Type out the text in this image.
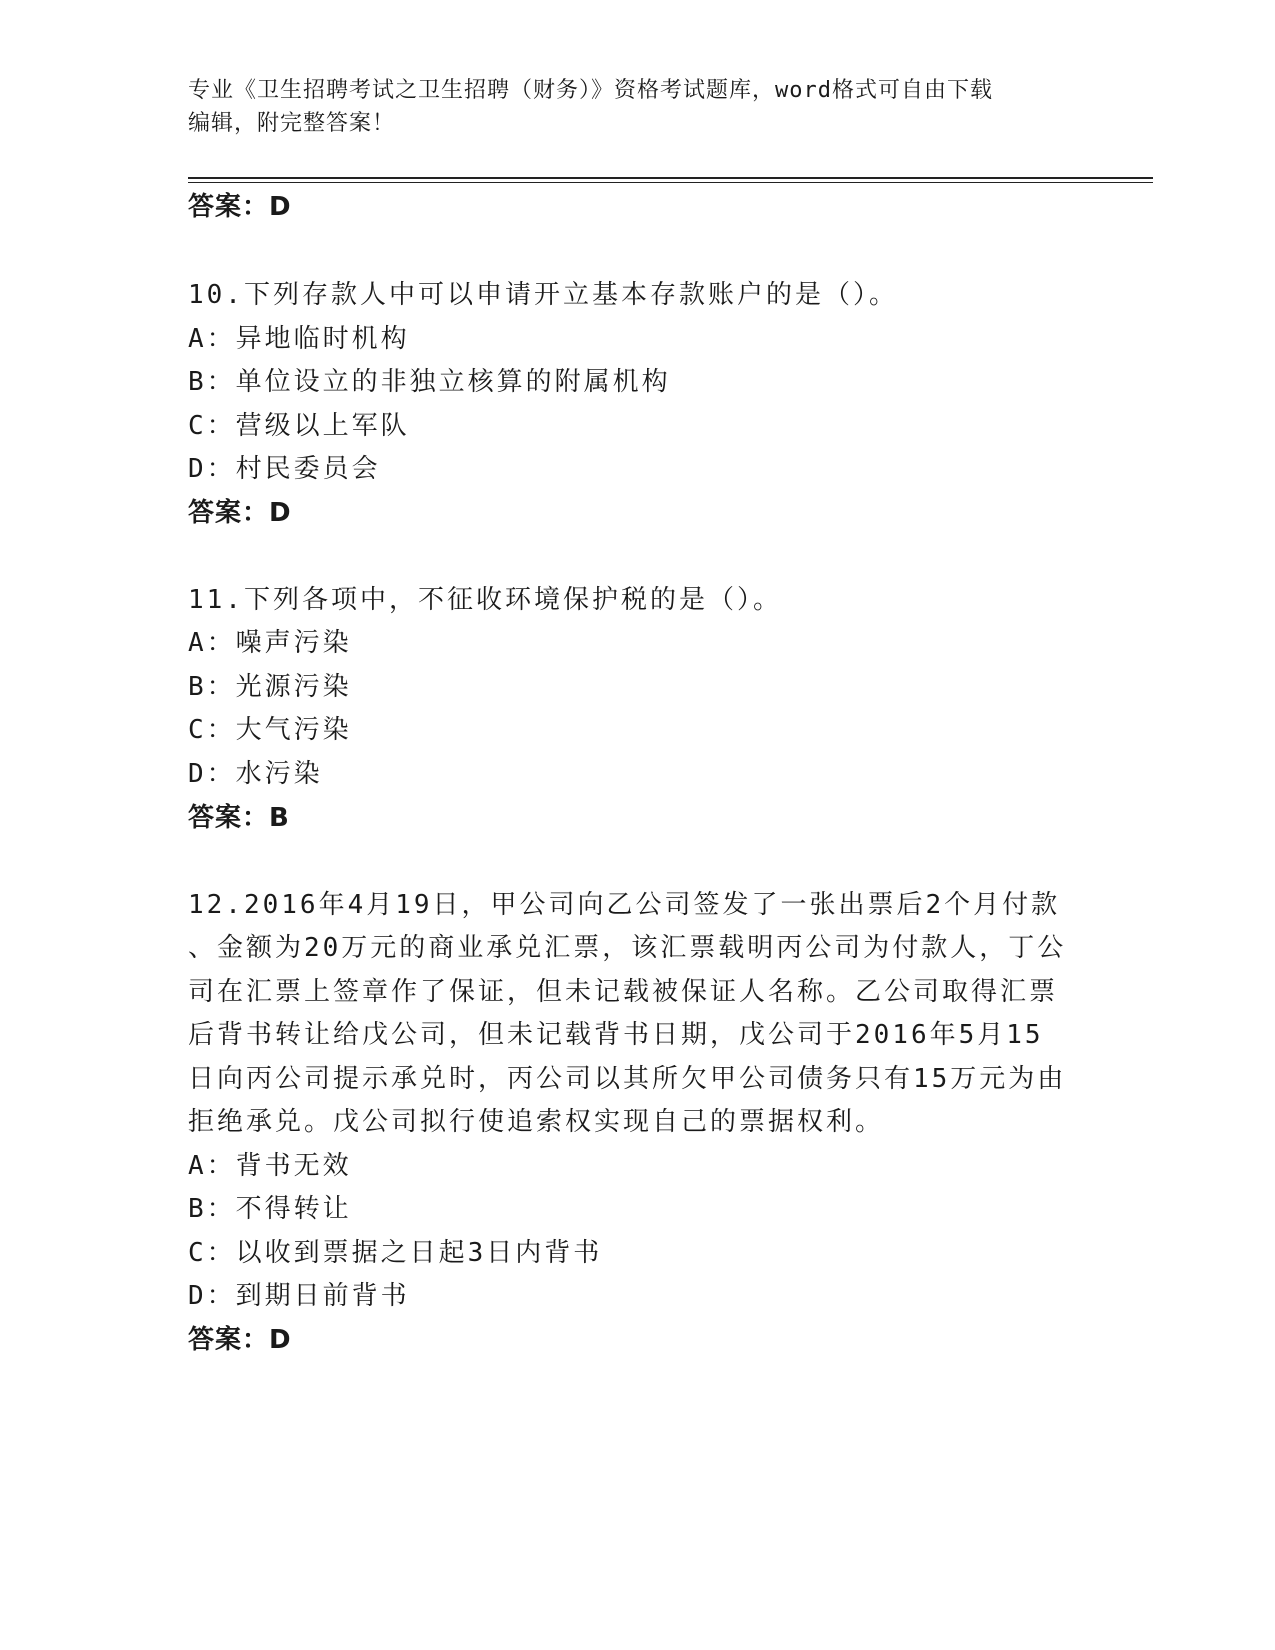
专业《卫生招聘考试之卫生招聘（财务）》资格考试题库，word格式可自由下载
编辑，附完整答案！
答案：D
10.下列存款人中可以申请开立基本存款账户的是（）。
A：异地临时机构
B：单位设立的非独立核算的附属机构
C：营级以上军队
D：村民委员会
答案：D
11.下列各项中，不征收环境保护税的是（）。
A：噪声污染
B：光源污染
C：大气污染
D：水污染
答案：B
12.2016年4月19日，甲公司向乙公司签发了一张出票后2个月付款
、金额为20万元的商业承兑汇票，该汇票载明丙公司为付款人，丁公
司在汇票上签章作了保证，但未记载被保证人名称。乙公司取得汇票
后背书转让给戊公司，但未记载背书日期，戊公司于2016年5月15
日向丙公司提示承兑时，丙公司以其所欠甲公司债务只有15万元为由
拒绝承兑。戊公司拟行使追索权实现自己的票据权利。
A：背书无效
B：不得转让
C：以收到票据之日起3日内背书
D：到期日前背书
答案：D
